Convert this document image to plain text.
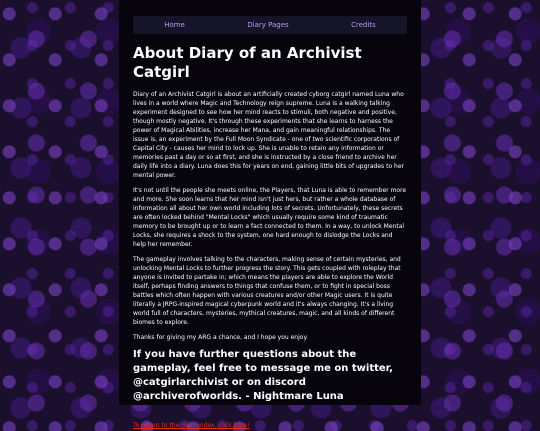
Home	Diary Pages	Credits
About Diary of an Archivist Catgirl

Diary of an Archivist Catgirl is about an artificially created cyborg catgirl named Luna who lives in a world where Magic and Technology reign supreme. Luna is a walking talking experiment designed to see how her mind reacts to stimuli, both negative and positive, though mostly negative. It's through these experiments that she learns to harness the power of Magical Abilities, increase her Mana, and gain meaningful relationships. The issue is, an experiment by the Full Moon Syndicate - one of two scientific corporations of Capital City - causes her mind to lock up. She is unable to retain any information or memories past a day or so at first, and she is instructed by a close friend to archive her daily life into a diary. Luna does this for years on end, gaining little bits of upgrades to her mental power.

It's not until the people she meets online, the Players, that Luna is able to remember more and more. She soon learns that her mind isn't just hers, but rather a whole database of information all about her own world including lots of secrets. Unfortunately, these secrets are often locked behind "Mental Locks" which usually require some kind of traumatic memory to be brought up or to learn a fact connected to them. In a way, to unlock Mental Locks, she requires a shock to the system, one hard enough to dislodge the Locks and help her remember.

The gameplay involves talking to the characters, making sense of certain mysteries, and unlocking Mental Locks to further progress the story. This gets coupled with roleplay that anyone is invited to partake in; which means the players are able to explore the World itself, perhaps finding answers to things that confuse them, or to fight in special boss battles which often happen with various creatures and/or other Magic users. It is quite literally a JRPG-inspired magical cyberpunk world and it's always changing. It's a living world full of characters, mysteries, mythical creatures, magic, and all kinds of different biomes to explore.

Thanks for giving my ARG a chance, and I hope you enjoy.

If you have further questions about the gameplay, feel free to message me on twitter, @catgirlarchivist or on discord @archiverofworlds. - Nightmare Luna
To return to the main index, click here!
